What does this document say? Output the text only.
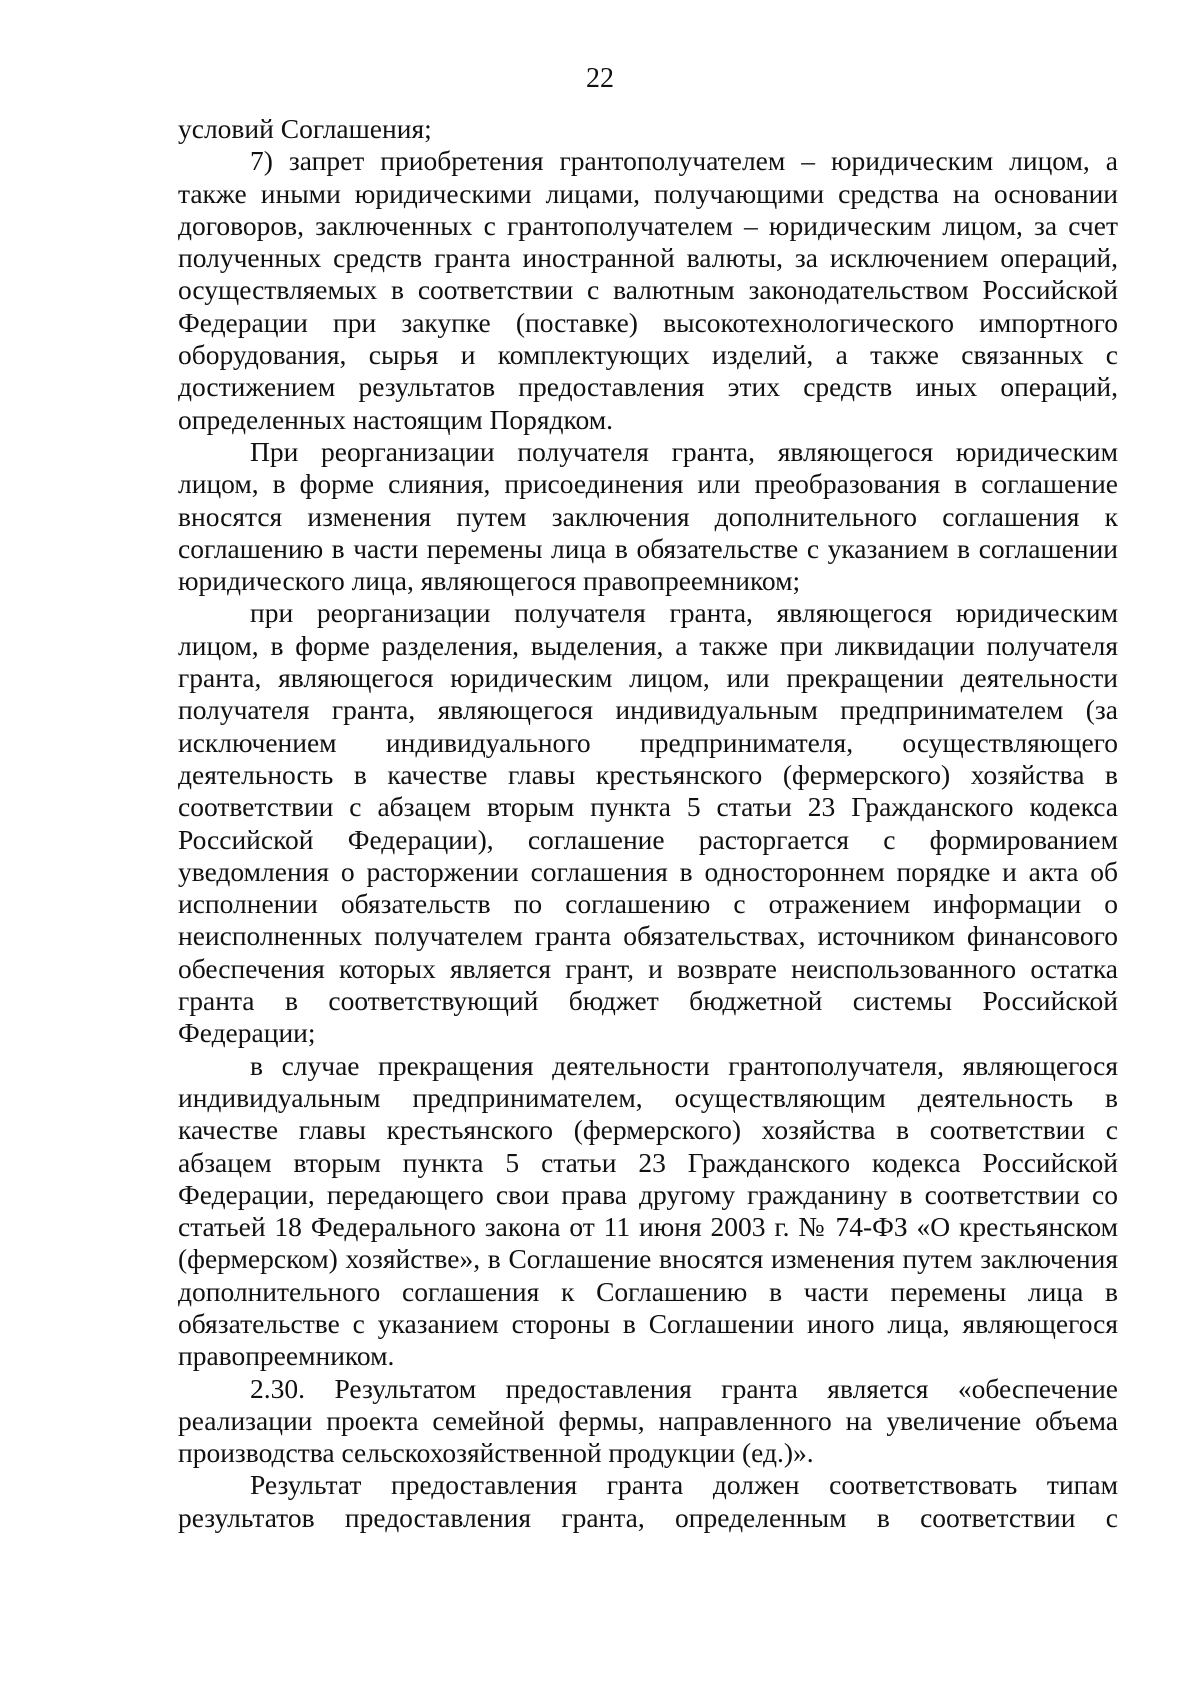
22

условий Соглашения;

7) запрет приобретения грантополучателем – юридическим лицом, а также иными юридическими лицами, получающими средства на основании договоров, заключенных с грантополучателем – юридическим лицом, за счет полученных средств гранта иностранной валюты, за исключением операций, осуществляемых в соответствии с валютным законодательством Российской Федерации при закупке (поставке) высокотехнологического импортного оборудования, сырья и комплектующих изделий, а также связанных с достижением результатов предоставления этих средств иных операций, определенных настоящим Порядком.

При реорганизации получателя гранта, являющегося юридическим лицом, в форме слияния, присоединения или преобразования в соглашение вносятся изменения путем заключения дополнительного соглашения к соглашению в части перемены лица в обязательстве с указанием в соглашении юридического лица, являющегося правопреемником;

при реорганизации получателя гранта, являющегося юридическим лицом, в форме разделения, выделения, а также при ликвидации получателя гранта, являющегося юридическим лицом, или прекращении деятельности получателя гранта, являющегося индивидуальным предпринимателем (за исключением индивидуального предпринимателя, осуществляющего деятельность в качестве главы крестьянского (фермерского) хозяйства в соответствии с абзацем вторым пункта 5 статьи 23 Гражданского кодекса Российской Федерации), соглашение расторгается с формированием уведомления о расторжении соглашения в одностороннем порядке и акта об исполнении обязательств по соглашению с отражением информации о неисполненных получателем гранта обязательствах, источником финансового обеспечения которых является грант, и возврате неиспользованного остатка гранта в соответствующий бюджет бюджетной системы Российской Федерации;

в случае прекращения деятельности грантополучателя, являющегося индивидуальным предпринимателем, осуществляющим деятельность в качестве главы крестьянского (фермерского) хозяйства в соответствии с абзацем вторым пункта 5 статьи 23 Гражданского кодекса Российской Федерации, передающего свои права другому гражданину в соответствии со статьей 18 Федерального закона от 11 июня 2003 г. № 74-ФЗ «О крестьянском (фермерском) хозяйстве», в Соглашение вносятся изменения путем заключения дополнительного соглашения к Соглашению в части перемены лица в обязательстве с указанием стороны в Соглашении иного лица, являющегося правопреемником.

2.30. Результатом предоставления гранта является «обеспечение реализации проекта семейной фермы, направленного на увеличение объема производства сельскохозяйственной продукции (ед.)».

Результат предоставления гранта должен соответствовать типам результатов предоставления гранта, определенным в соответствии с
